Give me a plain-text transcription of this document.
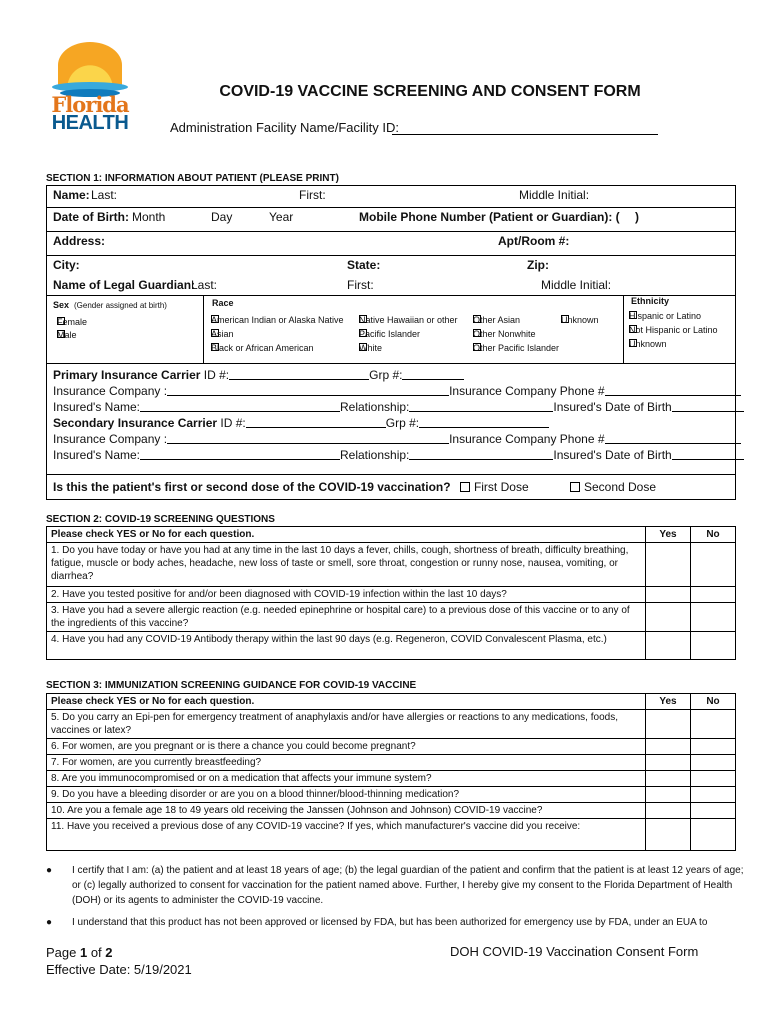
Florida
HEALTH
COVID-19 VACCINE SCREENING AND CONSENT FORM
Administration Facility Name/Facility ID:
SECTION 1: INFORMATION ABOUT PATIENT (PLEASE PRINT)
Name: Last:	First:	Middle Initial:
Date of Birth: Month	Day	Year	Mobile Phone Number (Patient or Guardian): ( )
Address:	Apt/Room #:
City:	State:	Zip:
Name of Legal Guardian:
Last:	First:	Middle Initial:
Sex (Gender assigned at birth)
Female
Male
Race
American Indian or Alaska Native
Asian
Black or African American
Native Hawaiian or other
Pacific Islander
White
Other Asian
Other Nonwhite
Other Pacific Islander
Unknown
Ethnicity
Hispanic or Latino
Not Hispanic or Latino
Unknown
Primary Insurance Carrier ID #:	Grp #:
Insurance Company :	Insurance Company Phone #
Insured's Name:	Relationship:	Insured's Date of Birth
Secondary Insurance Carrier ID #:	Grp #:
Insurance Company :	Insurance Company Phone #
Insured's Name:	Relationship:	Insured's Date of Birth
Is this the patient's first or second dose of the COVID-19 vaccination? First Dose	Second Dose
SECTION 2: COVID-19 SCREENING QUESTIONS
Please check YES or No for each question.	Yes	No
1. Do you have today or have you had at any time in the last 10 days a fever, chills, cough, shortness of breath, difficulty breathing, fatigue, muscle or body aches, headache, new loss of taste or smell, sore throat, congestion or runny nose, nausea, vomiting, or diarrhea?		
2. Have you tested positive for and/or been diagnosed with COVID-19 infection within the last 10 days?		
3. Have you had a severe allergic reaction (e.g. needed epinephrine or hospital care) to a previous dose of this vaccine or to any of the ingredients of this vaccine?		
4. Have you had any COVID-19 Antibody therapy within the last 90 days (e.g. Regeneron, COVID Convalescent Plasma, etc.)		
SECTION 3: IMMUNIZATION SCREENING GUIDANCE FOR COVID-19 VACCINE
Please check YES or No for each question.	Yes	No
5. Do you carry an Epi-pen for emergency treatment of anaphylaxis and/or have allergies or reactions to any medications, foods, vaccines or latex?		
6. For women, are you pregnant or is there a chance you could become pregnant?		
7. For women, are you currently breastfeeding?		
8. Are you immunocompromised or on a medication that affects your immune system?		
9. Do you have a bleeding disorder or are you on a blood thinner/blood-thinning medication?		
10. Are you a female age 18 to 49 years old receiving the Janssen (Johnson and Johnson) COVID-19 vaccine?		
11. Have you received a previous dose of any COVID-19 vaccine? If yes, which manufacturer's vaccine did you receive:		
● I certify that I am: (a) the patient and at least 18 years of age; (b) the legal guardian of the patient and confirm that the patient is at least 12 years of age; or (c) legally authorized to consent for vaccination for the patient named above. Further, I hereby give my consent to the Florida Department of Health (DOH) or its agents to administer the COVID-19 vaccine.
● I understand that this product has not been approved or licensed by FDA, but has been authorized for emergency use by FDA, under an EUA to
Page 1 of 2
Effective Date: 5/19/2021
DOH COVID-19 Vaccination Consent Form
